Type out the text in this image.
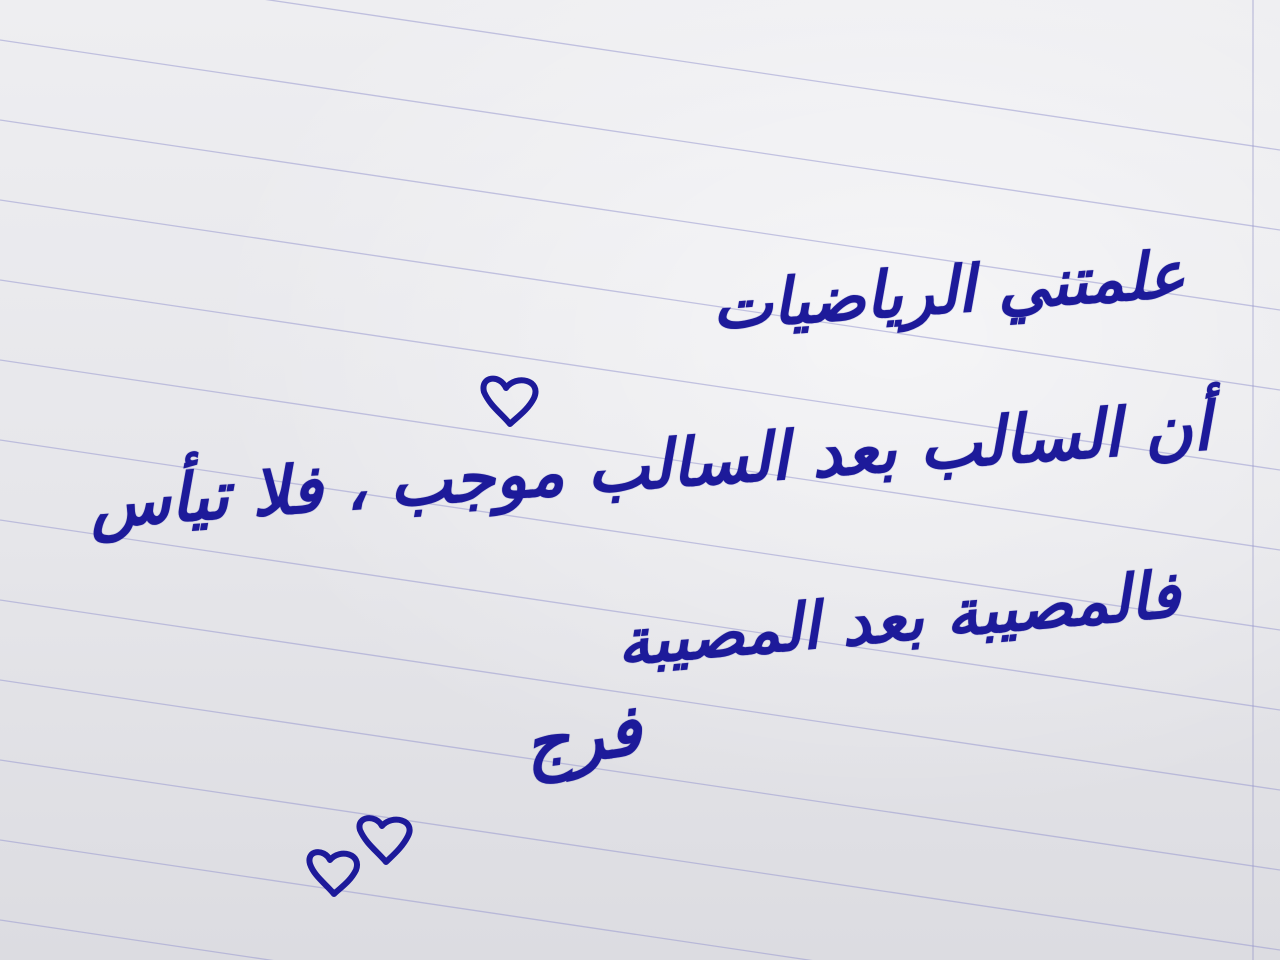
علمتني الرياضيات
أن السالب بعد السالب موجب ، فلا تيأس
فالمصيبة بعد المصيبة
فرج
